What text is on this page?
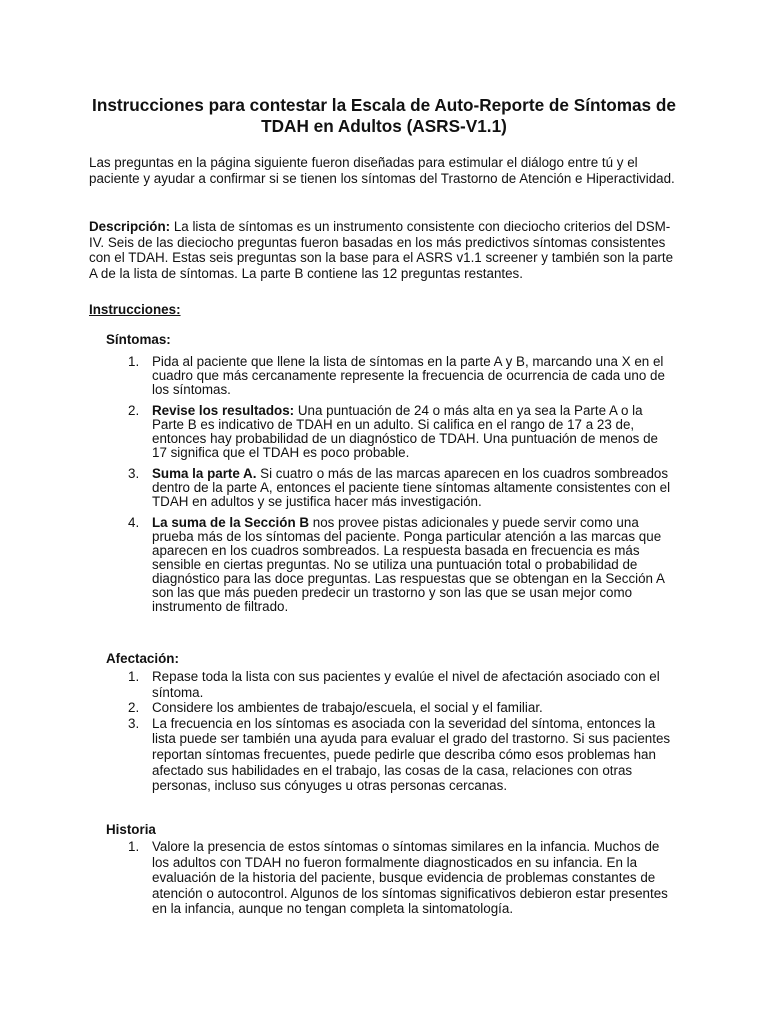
Instrucciones para contestar la Escala de Auto-Reporte de Síntomas de TDAH en Adultos (ASRS-V1.1)

Las preguntas en la página siguiente fueron diseñadas para estimular el diálogo entre tú y el paciente y ayudar a confirmar si se tienen los síntomas del Trastorno de Atención e Hiperactividad.

Descripción: La lista de síntomas es un instrumento consistente con dieciocho criterios del DSM-IV. Seis de las dieciocho preguntas fueron basadas en los más predictivos síntomas consistentes con el TDAH. Estas seis preguntas son la base para el ASRS v1.1 screener y también son la parte A de la lista de síntomas. La parte B contiene las 12 preguntas restantes.

Instrucciones:

Síntomas:

1. Pida al paciente que llene la lista de síntomas en la parte A y B, marcando una X en el cuadro que más cercanamente represente la frecuencia de ocurrencia de cada uno de los síntomas.
2. Revise los resultados: Una puntuación de 24 o más alta en ya sea la Parte A o la Parte B es indicativo de TDAH en un adulto. Si califica en el rango de 17 a 23 de, entonces hay probabilidad de un diagnóstico de TDAH. Una puntuación de menos de 17 significa que el TDAH es poco probable.
3. Suma la parte A. Si cuatro o más de las marcas aparecen en los cuadros sombreados dentro de la parte A, entonces el paciente tiene síntomas altamente consistentes con el TDAH en adultos y se justifica hacer más investigación.
4. La suma de la Sección B nos provee pistas adicionales y puede servir como una prueba más de los síntomas del paciente. Ponga particular atención a las marcas que aparecen en los cuadros sombreados. La respuesta basada en frecuencia es más sensible en ciertas preguntas. No se utiliza una puntuación total o probabilidad de diagnóstico para las doce preguntas. Las respuestas que se obtengan en la Sección A son las que más pueden predecir un trastorno y son las que se usan mejor como instrumento de filtrado.

Afectación:

1. Repase toda la lista con sus pacientes y evalúe el nivel de afectación asociado con el síntoma.
2. Considere los ambientes de trabajo/escuela, el social y el familiar.
3. La frecuencia en los síntomas es asociada con la severidad del síntoma, entonces la lista puede ser también una ayuda para evaluar el grado del trastorno. Si sus pacientes reportan síntomas frecuentes, puede pedirle que describa cómo esos problemas han afectado sus habilidades en el trabajo, las cosas de la casa, relaciones con otras personas, incluso sus cónyuges u otras personas cercanas.

Historia

1. Valore la presencia de estos síntomas o síntomas similares en la infancia. Muchos de los adultos con TDAH no fueron formalmente diagnosticados en su infancia. En la evaluación de la historia del paciente, busque evidencia de problemas constantes de atención o autocontrol. Algunos de los síntomas significativos debieron estar presentes en la infancia, aunque no tengan completa la sintomatología.
